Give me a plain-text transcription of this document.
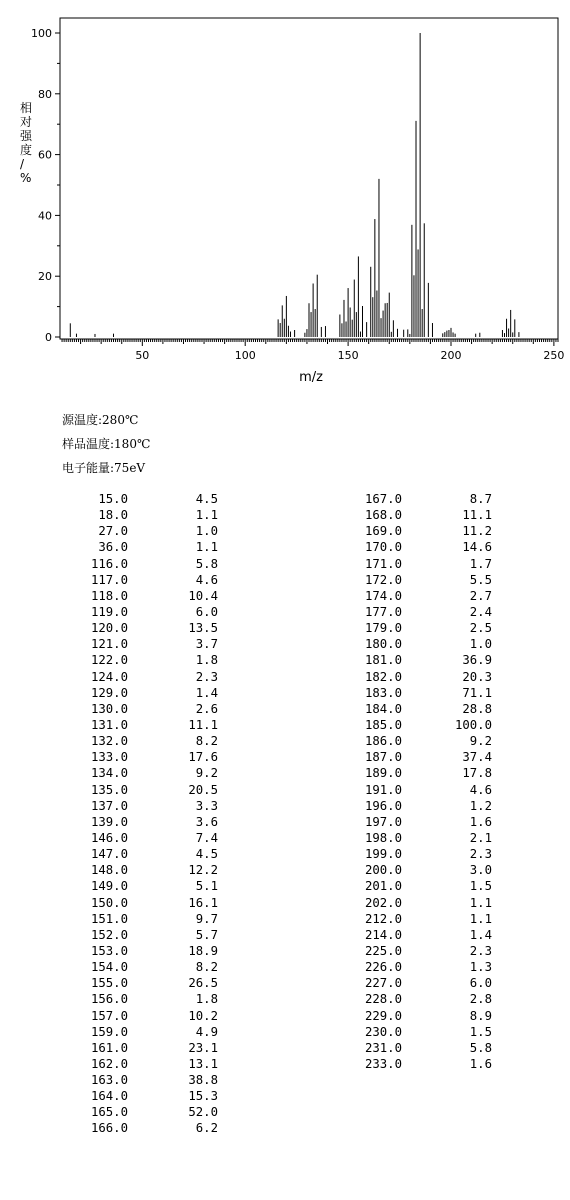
0
20
40
60
80
100
50	100	150	200	250
m/z
相对强度/ %
源温度:280℃
样品温度:180℃
电子能量:75eV
15.0	4.5
18.0	1.1
27.0	1.0
36.0	1.1
116.0	5.8
117.0	4.6
118.0	10.4
119.0	6.0
120.0	13.5
121.0	3.7
122.0	1.8
124.0	2.3
129.0	1.4
130.0	2.6
131.0	11.1
132.0	8.2
133.0	17.6
134.0	9.2
135.0	20.5
137.0	3.3
139.0	3.6
146.0	7.4
147.0	4.5
148.0	12.2
149.0	5.1
150.0	16.1
151.0	9.7
152.0	5.7
153.0	18.9
154.0	8.2
155.0	26.5
156.0	1.8
157.0	10.2
159.0	4.9
161.0	23.1
162.0	13.1
163.0	38.8
164.0	15.3
165.0	52.0
166.0	6.2
167.0	8.7
168.0	11.1
169.0	11.2
170.0	14.6
171.0	1.7
172.0	5.5
174.0	2.7
177.0	2.4
179.0	2.5
180.0	1.0
181.0	36.9
182.0	20.3
183.0	71.1
184.0	28.8
185.0	100.0
186.0	9.2
187.0	37.4
189.0	17.8
191.0	4.6
196.0	1.2
197.0	1.6
198.0	2.1
199.0	2.3
200.0	3.0
201.0	1.5
202.0	1.1
212.0	1.1
214.0	1.4
225.0	2.3
226.0	1.3
227.0	6.0
228.0	2.8
229.0	8.9
230.0	1.5
231.0	5.8
233.0	1.6
